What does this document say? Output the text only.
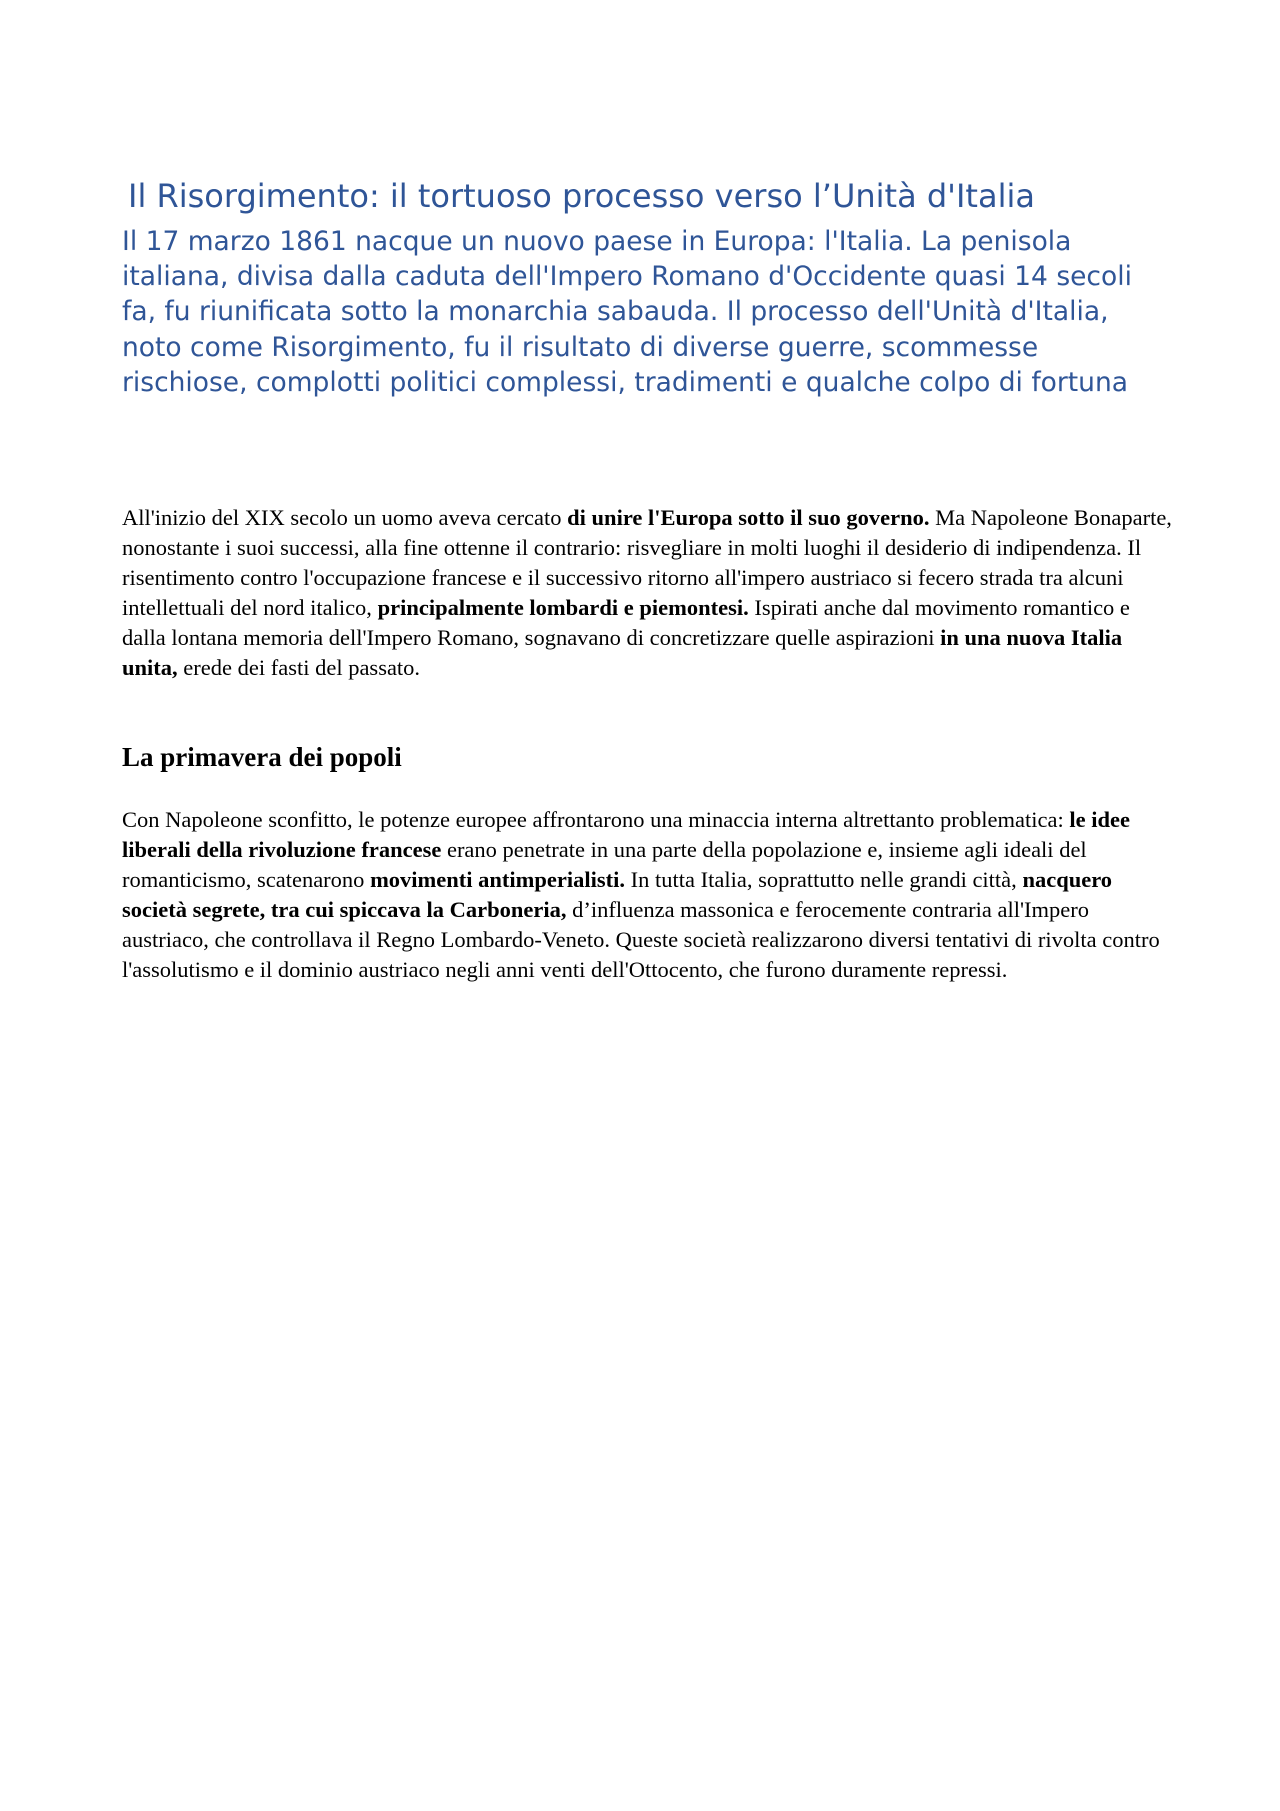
Il Risorgimento: il tortuoso processo verso l’Unità d'Italia

Il 17 marzo 1861 nacque un nuovo paese in Europa: l'Italia. La penisola italiana, divisa dalla caduta dell'Impero Romano d'Occidente quasi 14 secoli fa, fu riunificata sotto la monarchia sabauda. Il processo dell'Unità d'Italia, noto come Risorgimento, fu il risultato di diverse guerre, scommesse rischiose, complotti politici complessi, tradimenti e qualche colpo di fortuna

All'inizio del XIX secolo un uomo aveva cercato di unire l'Europa sotto il suo governo. Ma Napoleone Bonaparte, nonostante i suoi successi, alla fine ottenne il contrario: risvegliare in molti luoghi il desiderio di indipendenza. Il risentimento contro l'occupazione francese e il successivo ritorno all'impero austriaco si fecero strada tra alcuni intellettuali del nord italico, principalmente lombardi e piemontesi. Ispirati anche dal movimento romantico e dalla lontana memoria dell'Impero Romano, sognavano di concretizzare quelle aspirazioni in una nuova Italia unita, erede dei fasti del passato.

La primavera dei popoli

Con Napoleone sconfitto, le potenze europee affrontarono una minaccia interna altrettanto problematica: le idee liberali della rivoluzione francese erano penetrate in una parte della popolazione e, insieme agli ideali del romanticismo, scatenarono movimenti antimperialisti. In tutta Italia, soprattutto nelle grandi città, nacquero società segrete, tra cui spiccava la Carboneria, d’influenza massonica e ferocemente contraria all'Impero austriaco, che controllava il Regno Lombardo-Veneto. Queste società realizzarono diversi tentativi di rivolta contro l'assolutismo e il dominio austriaco negli anni venti dell'Ottocento, che furono duramente repressi.
